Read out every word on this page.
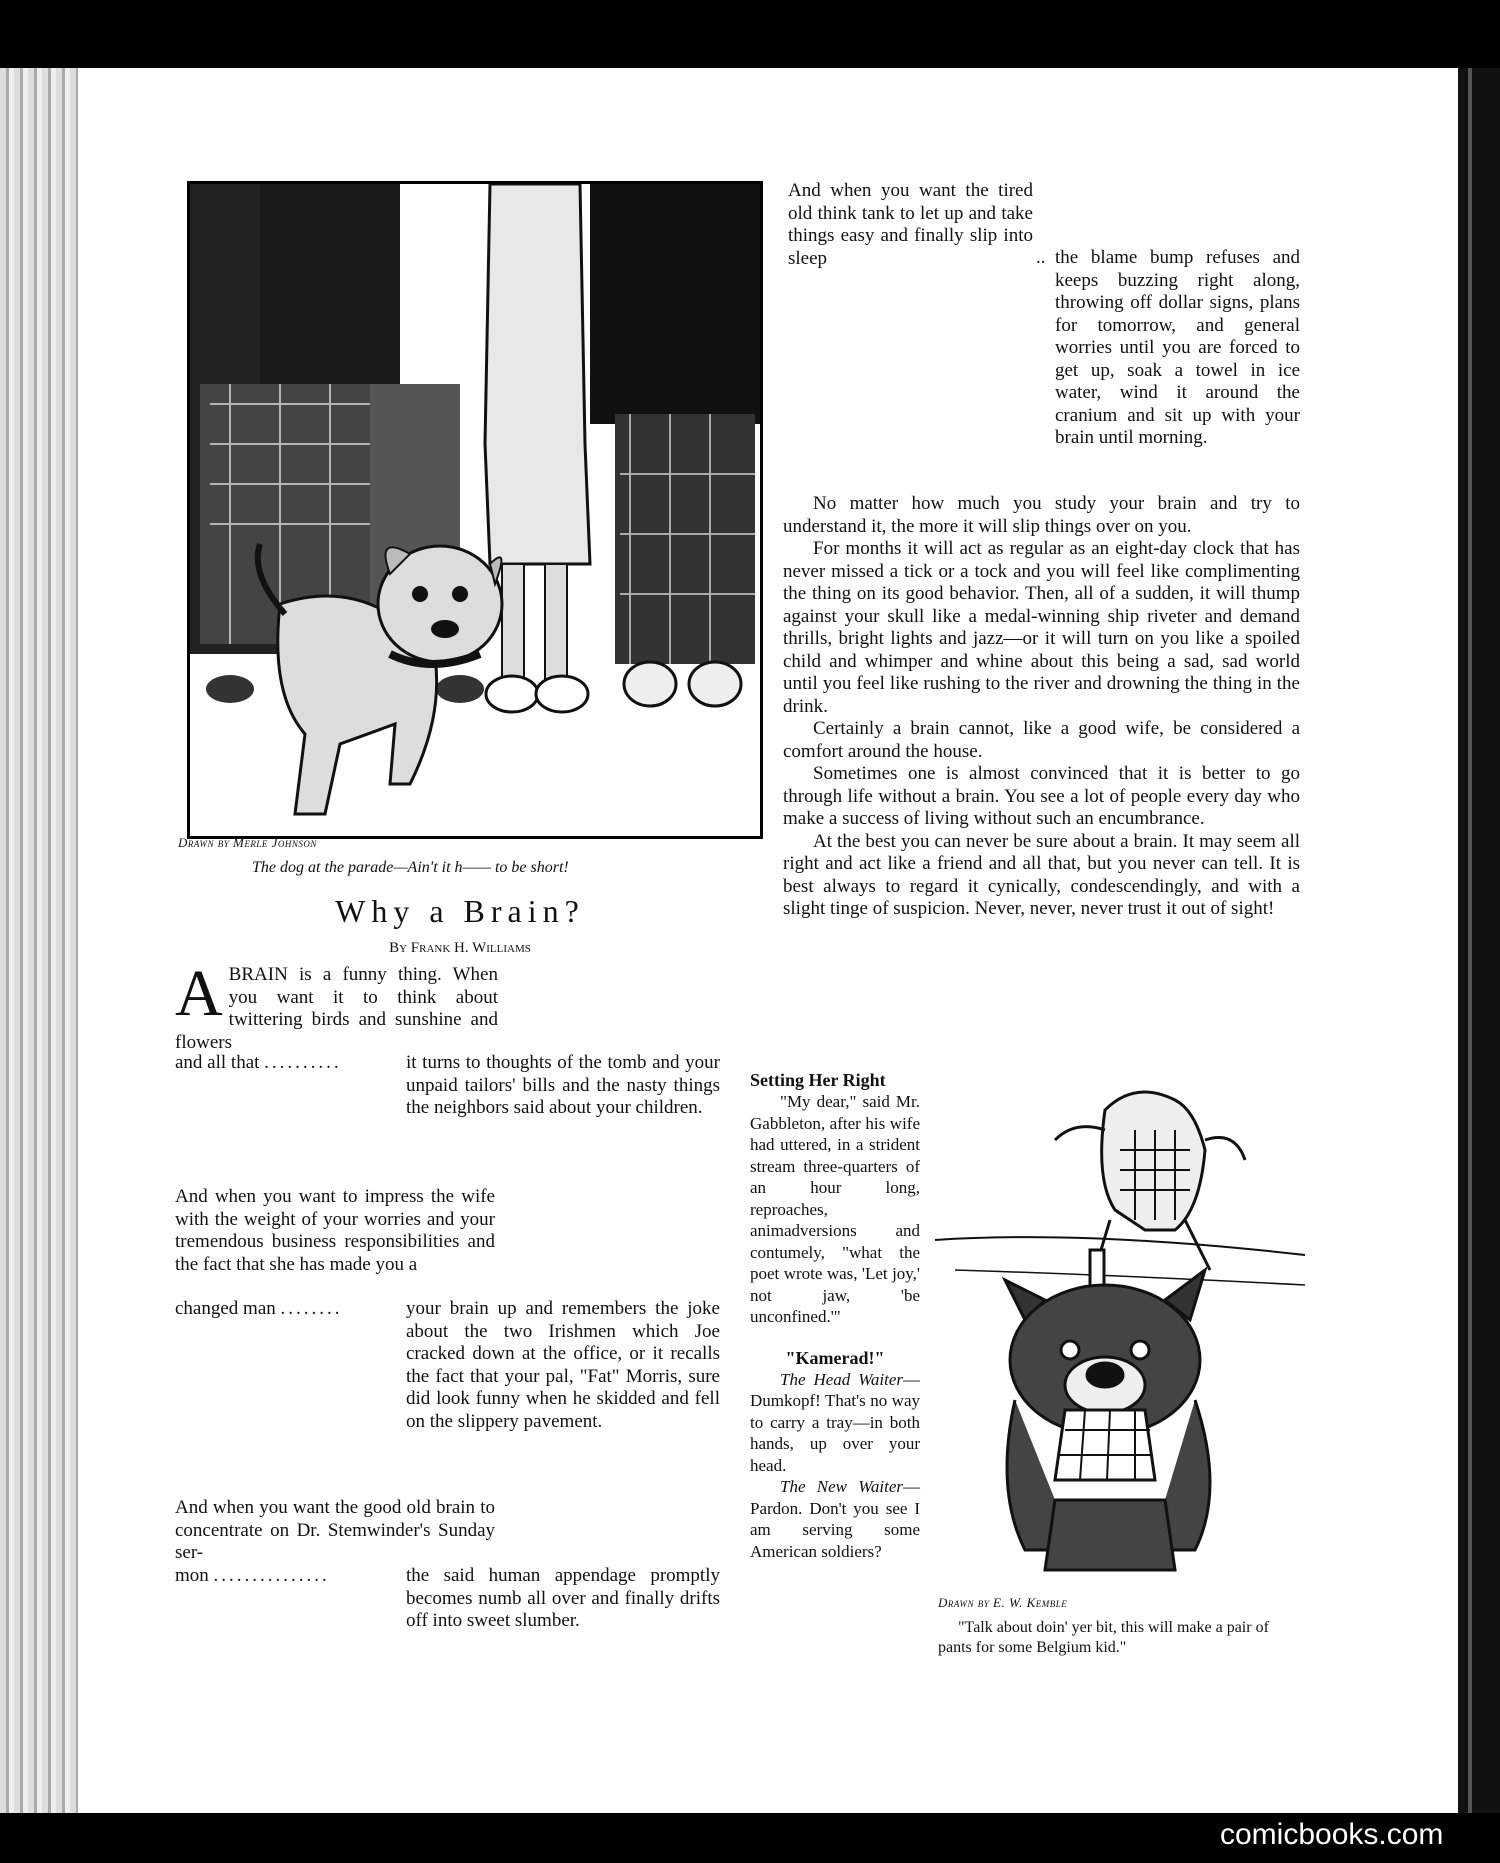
Drawn by Merle Johnson
The dog at the parade—Ain't it h—— to be short!
Why a Brain?
By Frank H. Williams
ABRAIN is a funny thing. When you want it to think about twittering birds and sunshine and flowers
and all that ..........	it turns to thoughts of the tomb and your unpaid tailors' bills and the nasty things the neighbors said about your children.
And when you want to impress the wife with the weight of your worries and your tremendous business responsibilities and the fact that she has made you a
changed man ........	your brain up and remembers the joke about the two Irishmen which Joe cracked down at the office, or it recalls the fact that your pal, "Fat" Morris, sure did look funny when he skidded and fell on the slippery pavement.
And when you want the good old brain to concentrate on Dr. Stemwinder's Sunday ser-
mon ...............	the said human appendage promptly becomes numb all over and finally drifts off into sweet slumber.
And when you want the tired old think tank to let up and take things easy and finally slip into sleep	.. the blame bump refuses and keeps buzzing right along, throwing off dollar signs, plans for tomorrow, and general worries until you are forced to get up, soak a towel in ice water, wind it around the cranium and sit up with your brain until morning.

No matter how much you study your brain and try to understand it, the more it will slip things over on you.

For months it will act as regular as an eight-day clock that has never missed a tick or a tock and you will feel like complimenting the thing on its good behavior. Then, all of a sudden, it will thump against your skull like a medal-winning ship riveter and demand thrills, bright lights and jazz—or it will turn on you like a spoiled child and whimper and whine about this being a sad, sad world until you feel like rushing to the river and drowning the thing in the drink.

Certainly a brain cannot, like a good wife, be considered a comfort around the house.

Sometimes one is almost convinced that it is better to go through life without a brain. You see a lot of people every day who make a success of living without such an encumbrance.

At the best you can never be sure about a brain. It may seem all right and act like a friend and all that, but you never can tell. It is best always to regard it cynically, condescendingly, and with a slight tinge of suspicion. Never, never, never trust it out of sight!

Setting Her Right

"My dear," said Mr. Gabbleton, after his wife had uttered, in a strident stream three-quarters of an hour long, reproaches, animadversions and contumely, "what the poet wrote was, 'Let joy,' not jaw, 'be unconfined.'"

"Kamerad!"

The Head Waiter—Dumkopf! That's no way to carry a tray—in both hands, up over your head.

The New Waiter—Pardon. Don't you see I am serving some American soldiers?

Drawn by E. W. Kemble
"Talk about doin' yer bit, this will make a pair of pants for some Belgium kid."
comicbooks.com
